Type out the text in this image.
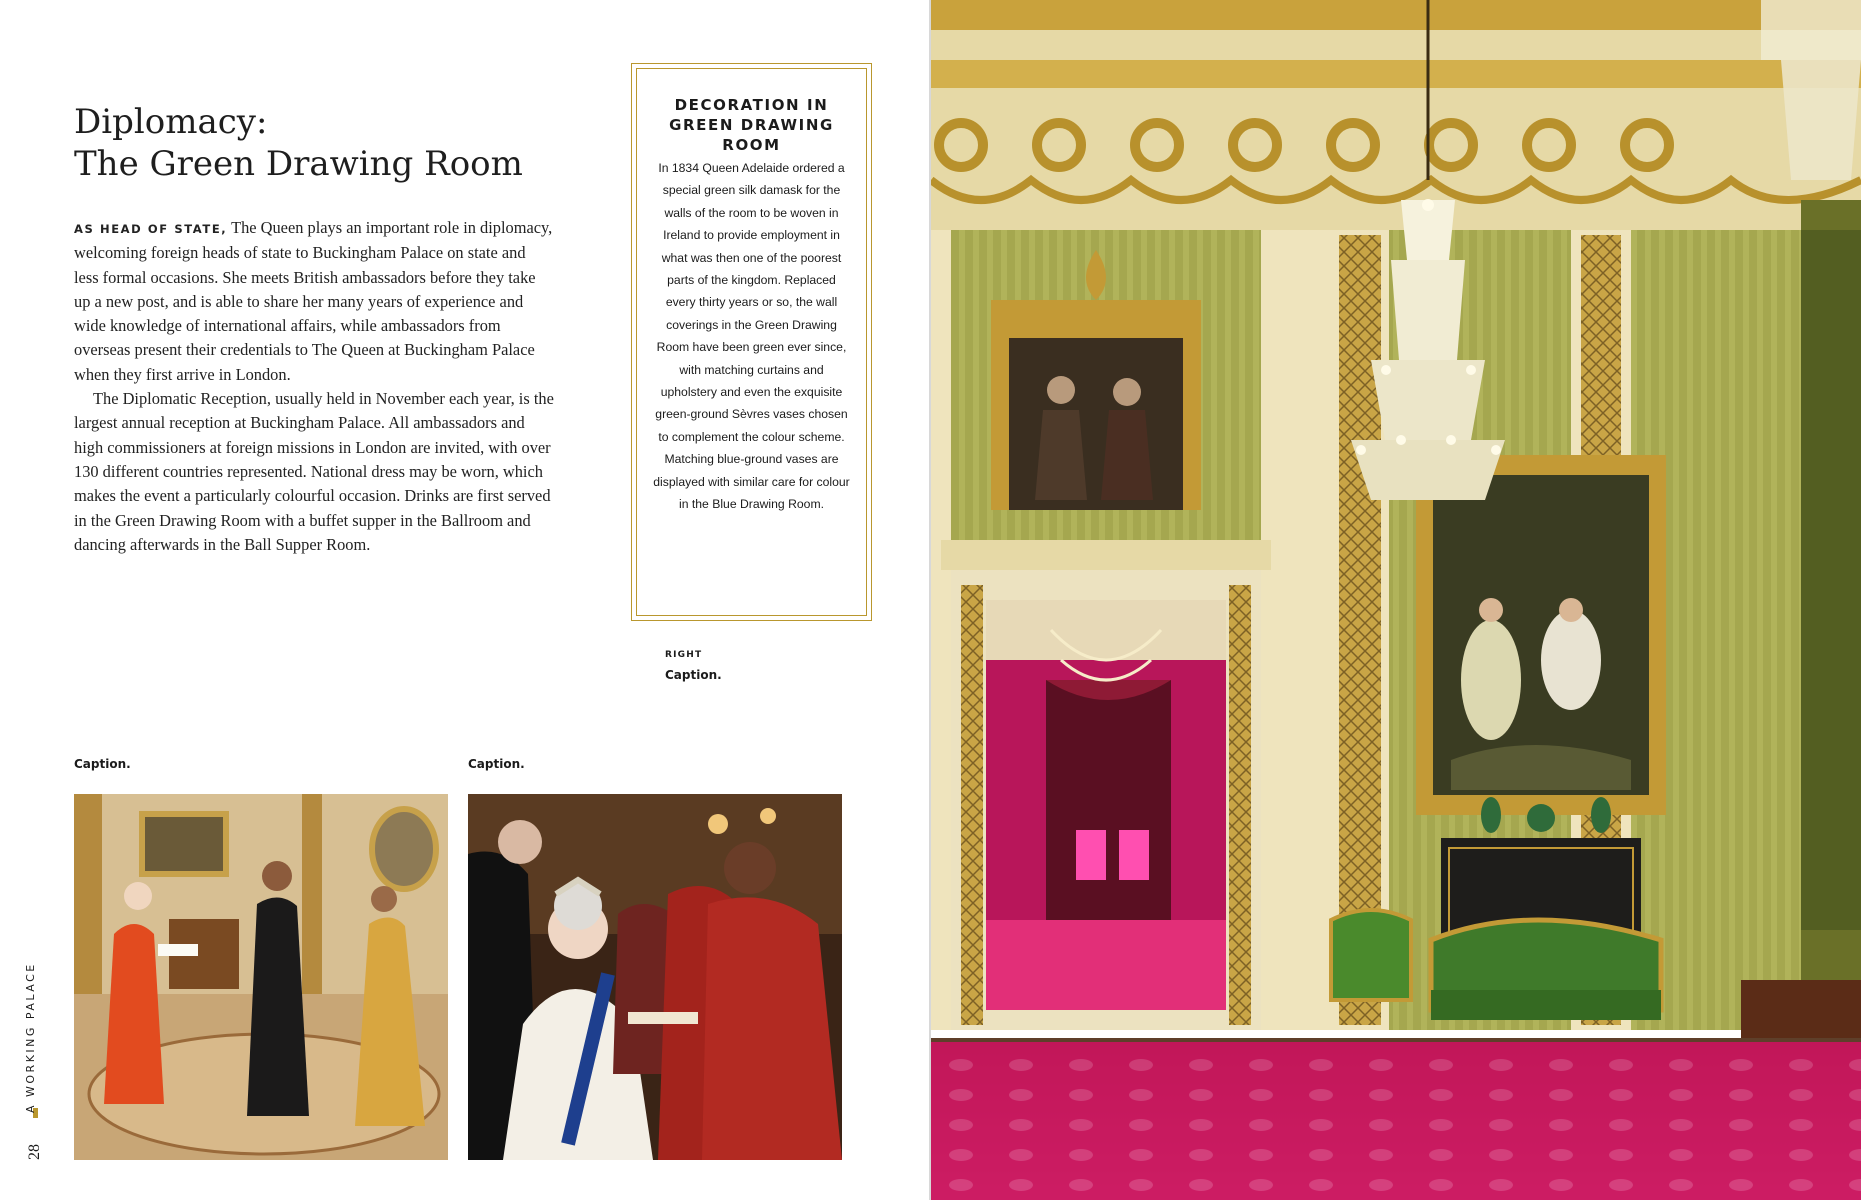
Diplomacy:
The Green Drawing Room

AS HEAD OF STATE, The Queen plays an important role in diplomacy, welcoming foreign heads of state to Buckingham Palace on state and less formal occasions. She meets British ambassadors before they take up a new post, and is able to share her many years of experience and wide knowledge of international affairs, while ambassadors from overseas present their credentials to The Queen at Buckingham Palace when they first arrive in London.

The Diplomatic Reception, usually held in November each year, is the largest annual reception at Buckingham Palace. All ambassadors and high commissioners at foreign missions in London are invited, with over 130 different countries represented. National dress may be worn, which makes the event a particularly colourful occasion. Drinks are first served in the Green Drawing Room with a buffet supper in the Ballroom and dancing afterwards in the Ball Supper Room.

DECORATION IN GREEN DRAWING ROOM
In 1834 Queen Adelaide ordered a special green silk damask for the walls of the room to be woven in Ireland to provide employment in what was then one of the poorest parts of the kingdom. Replaced every thirty years or so, the wall coverings in the Green Drawing Room have been green ever since, with matching curtains and upholstery and even the exquisite green-ground Sèvres vases chosen to complement the colour scheme. Matching blue-ground vases are displayed with similar care for colour in the Blue Drawing Room.
RIGHT
Caption.
Caption.	Caption.
A WORKING PALACE
28
